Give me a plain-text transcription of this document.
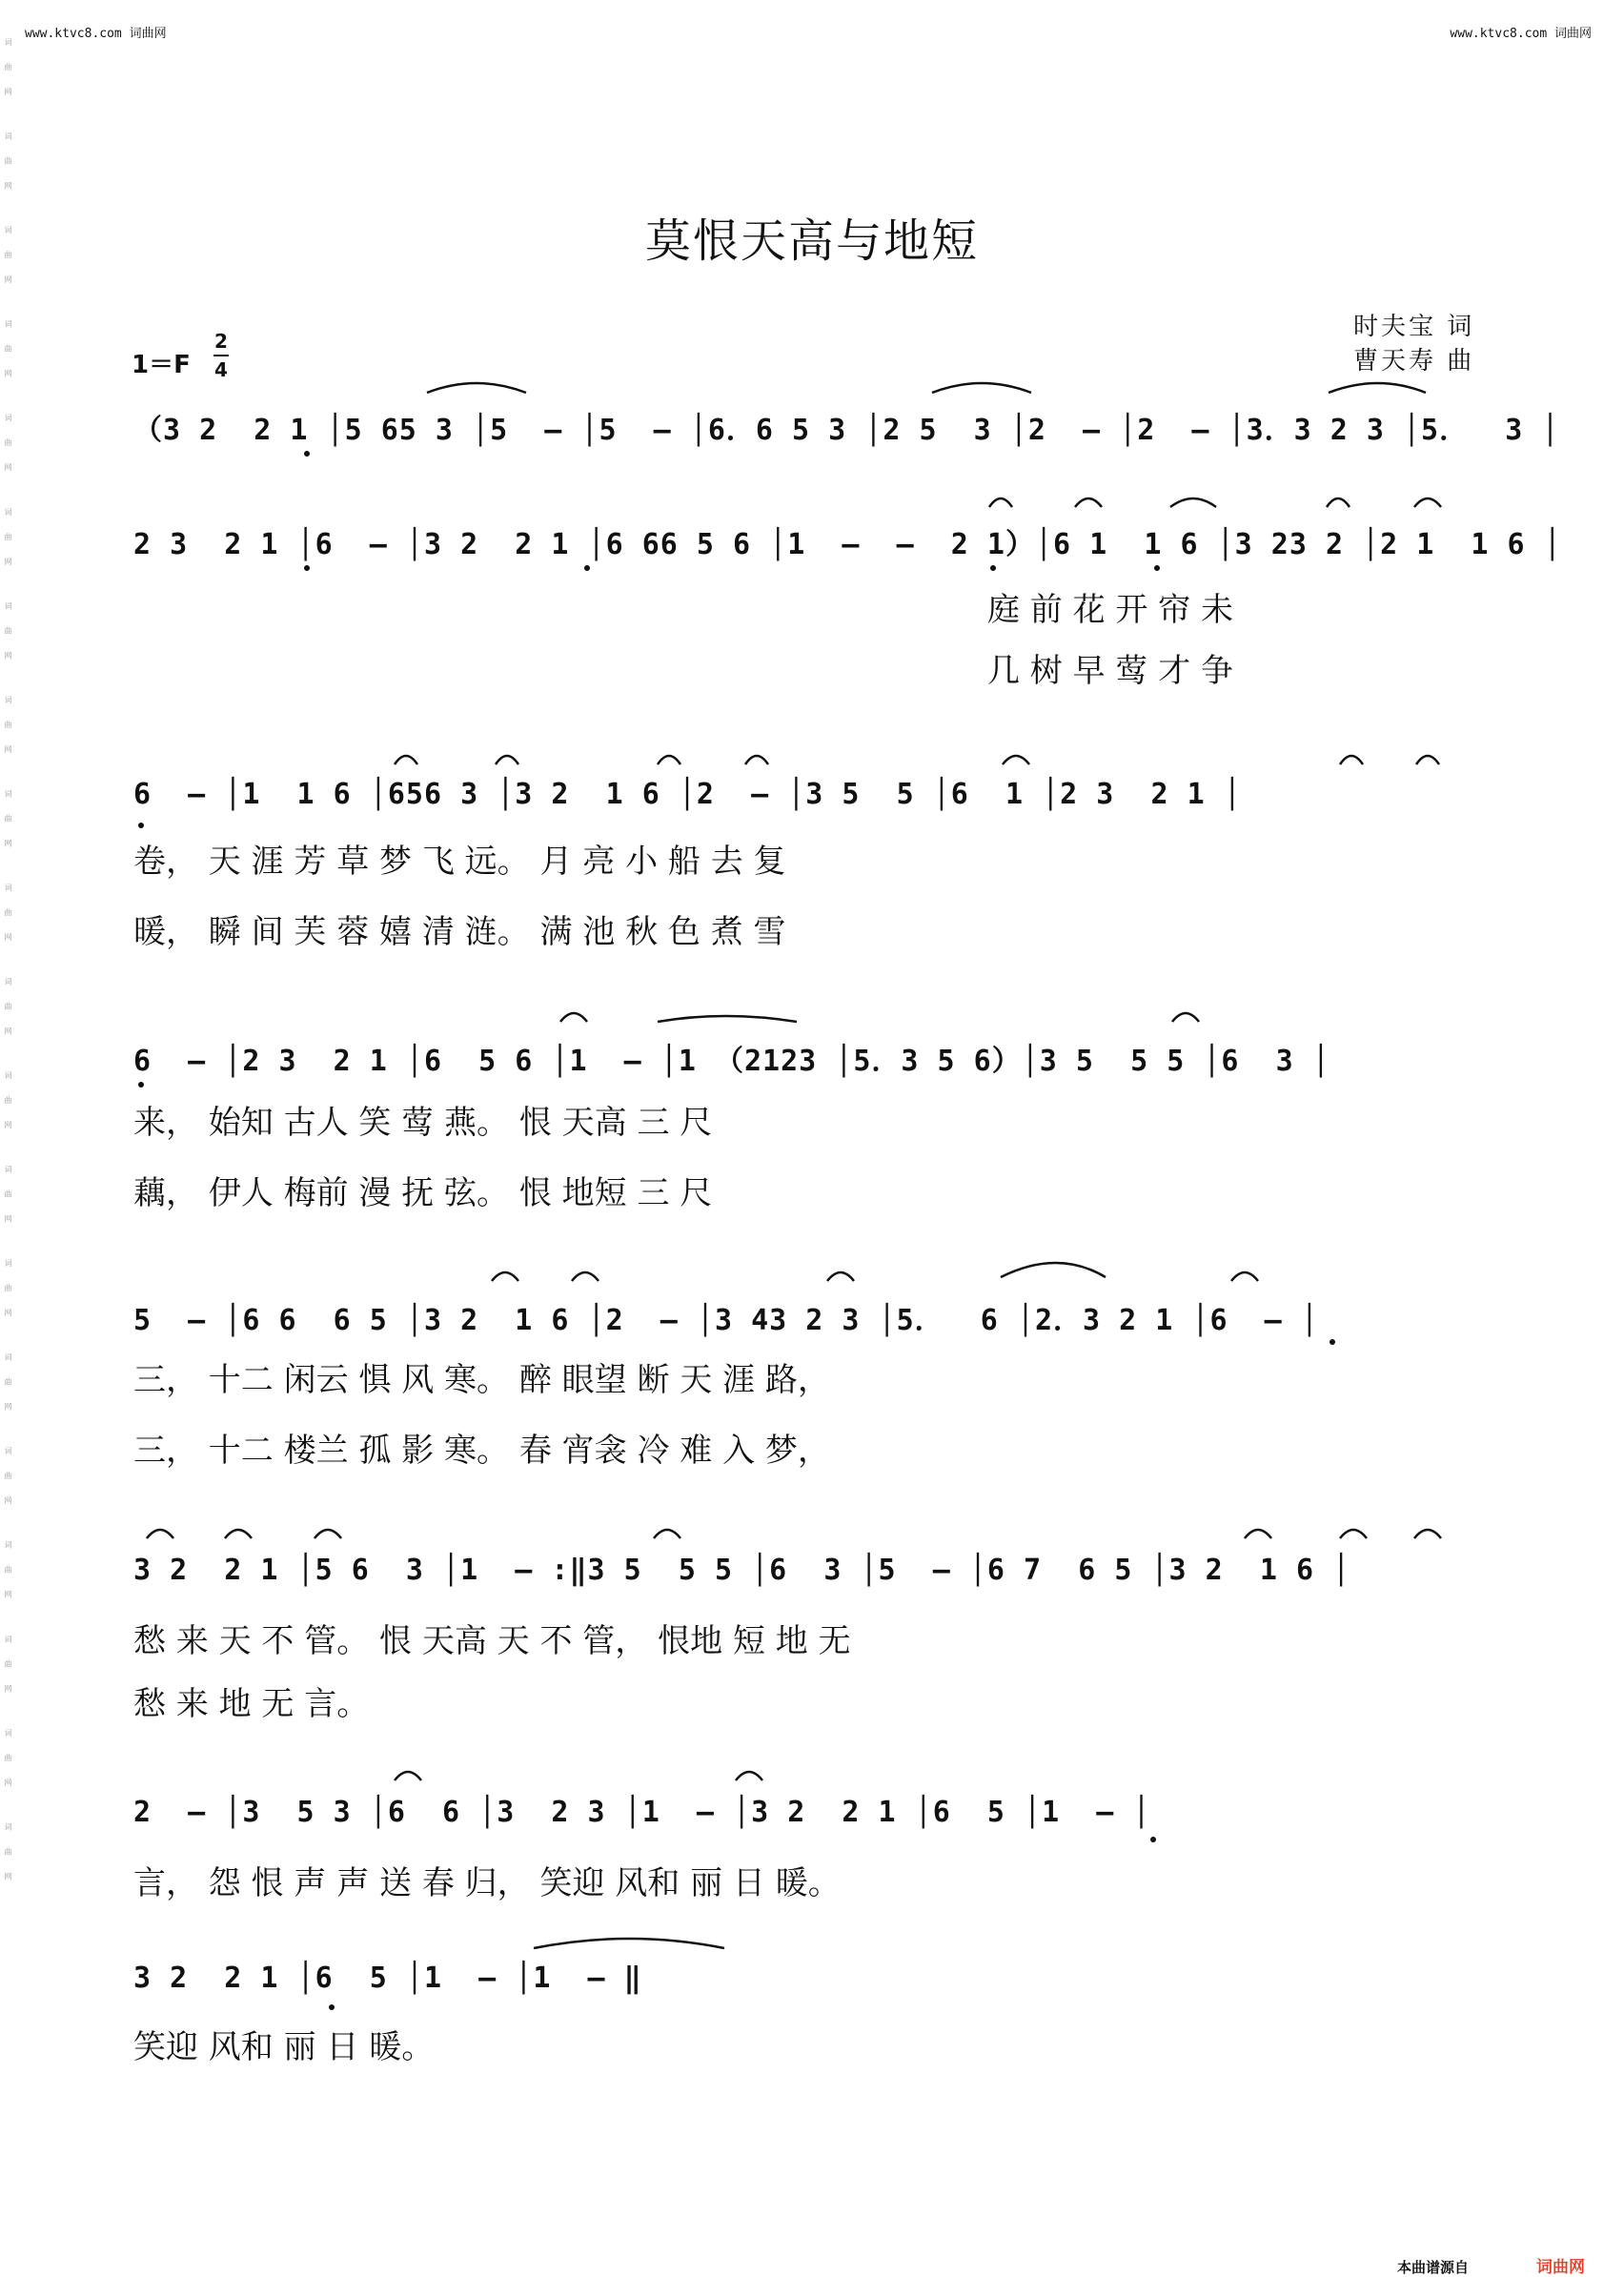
www.ktvc8.com 词曲网	www.ktvc8.com 词曲网
词曲网 词曲网 词曲网 词曲网 词曲网 词曲网 词曲网 词曲网 词曲网 词曲网 词曲网 词曲网 词曲网 词曲网 词曲网 词曲网 词曲网 词曲网 词曲网 词曲网	莫恨天高与地短
时夫宝 词
曹天寿 曲
1＝F
2
4
（3 2  2 1 │5 65 3 │5  – │5  – │6．6 5 3 │2 5  3 │2  – │2  – │3．3 2 3 │5．  3 │
2 3  2 1 │6  – │3 2  2 1 │6 66 5 6 │1  –  –  2 1）│6 1  1 6 │3 23 2 │2 1  1 6 │
庭 前 花 开 帘 未
几 树 早 莺 才 争
6  – │1  1 6 │656 3 │3 2  1 6 │2  – │3 5  5 │6  1 │2 3  2 1 │
卷， 天 涯 芳 草 梦 飞 远。 月 亮 小 船 去 复
暖， 瞬 间 芙 蓉 嬉 清 涟。 满 池 秋 色 煮 雪
6  – │2 3  2 1 │6  5 6 │1  – │1 （2123 │5．3 5 6）│3 5  5 5 │6  3 │
来， 始知 古人 笑 莺 燕。 恨 天高 三 尺
藕， 伊人 梅前 漫 抚 弦。 恨 地短 三 尺
5  – │6 6  6 5 │3 2  1 6 │2  – │3 43 2 3 │5．  6 │2．3 2 1 │6  – │
三， 十二 闲云 惧 风 寒。 醉 眼望 断 天 涯 路，
三， 十二 楼兰 孤 影 寒。 春 宵衾 冷 难 入 梦，
3 2  2 1 │5 6  3 │1  – :‖3 5  5 5 │6  3 │5  – │6 7  6 5 │3 2  1 6 │
愁 来 天 不 管。 恨 天高 天 不 管， 恨地 短 地 无
愁 来 地 无 言。
2  – │3  5 3 │6  6 │3  2 3 │1  – │3 2  2 1 │6  5 │1  – │
言， 怨 恨 声 声 送 春 归， 笑迎 风和 丽 日 暖。
3 2  2 1 │6  5 │1  – │1  – ‖
笑迎 风和 丽 日 暖。
本曲谱源自	词曲网
